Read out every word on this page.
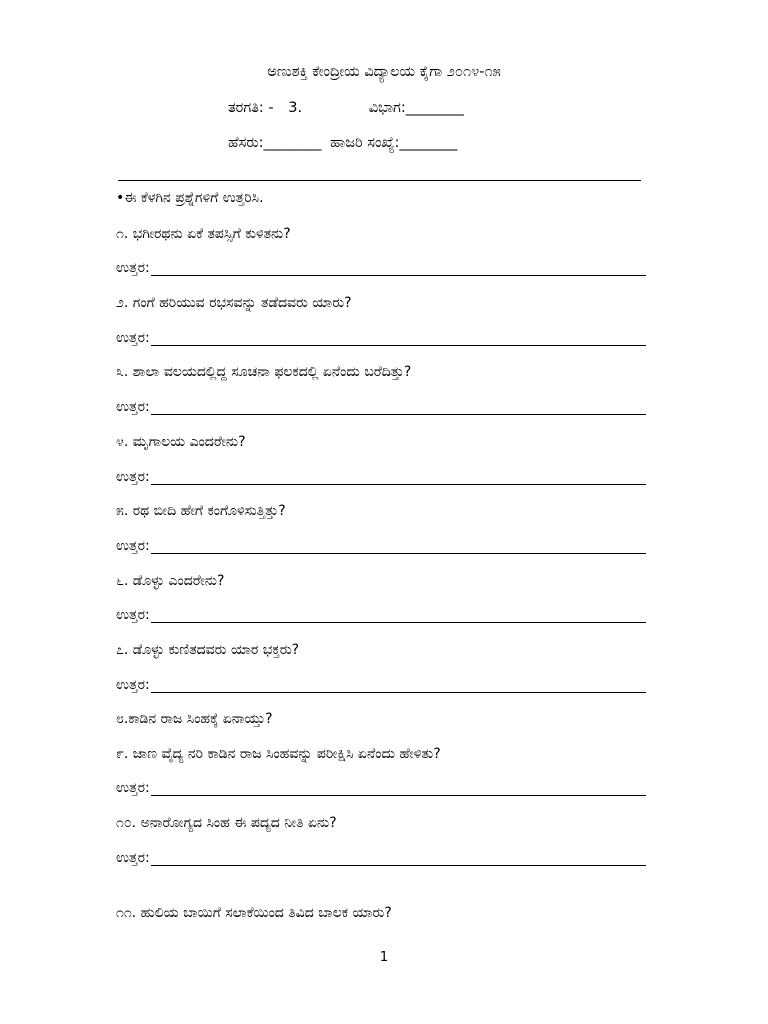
ಅಣುಶಕ್ತಿ ಕೇಂದ್ರೀಯ ವಿದ್ಯಾಲಯ ಕೈಗಾ ೨೦೧೪-೧೫
ತರಗತಿ: - 3.	ವಿಭಾಗ:________
ಹೆಸರು:________ ಹಾಜರಿ ಸಂಖ್ಯೆ:________
•ಈ ಕೆಳಗಿನ ಪ್ರಶ್ನೆಗಳಿಗೆ ಉತ್ತರಿಸಿ.
೧. ಭಗೀರಥನು ಏಕೆ ತಪಸ್ಸಿಗೆ ಕುಳಿತನು?
ಉತ್ತರ:
೨. ಗಂಗೆ ಹರಿಯುವ ರಭಸವನ್ನು ತಡೆದವರು ಯಾರು?
ಉತ್ತರ:
೩. ಶಾಲಾ ವಲಯದಲ್ಲಿದ್ದ ಸೂಚನಾ ಫಲಕದಲ್ಲಿ ಏನೆಂದು ಬರೆದಿತ್ತು?
ಉತ್ತರ:
೪. ಮೃಗಾಲಯ ಎಂದರೇನು?
ಉತ್ತರ:
೫. ರಥ ಬೀದಿ ಹೇಗೆ ಕಂಗೊಳಿಸುತ್ತಿತ್ತು?
ಉತ್ತರ:
೬. ಡೊಳ್ಳು ಎಂದರೇನು?
ಉತ್ತರ:
೭. ಡೊಳ್ಳು ಕುಣಿತದವರು ಯಾರ ಭಕ್ತರು?
ಉತ್ತರ:
೮.ಕಾಡಿನ ರಾಜ ಸಿಂಹಕ್ಕೆ ಏನಾಯ್ತು?
೯. ಜಾಣ ವೈದ್ಯ ನರಿ ಕಾಡಿನ ರಾಜ ಸಿಂಹವನ್ನು ಪರೀಕ್ಷಿಸಿ ಏನೆಂದು ಹೇಳಿತು?
ಉತ್ತರ:
೧೦. ಅನಾರೋಗ್ಯದ ಸಿಂಹ ಈ ಪದ್ಯದ ನೀತಿ ಏನು?
ಉತ್ತರ:
೧೧. ಹುಲಿಯ ಬಾಯಿಗೆ ಸಲಾಕೆಯಿಂದ ತಿವಿದ ಬಾಲಕ ಯಾರು?
1
